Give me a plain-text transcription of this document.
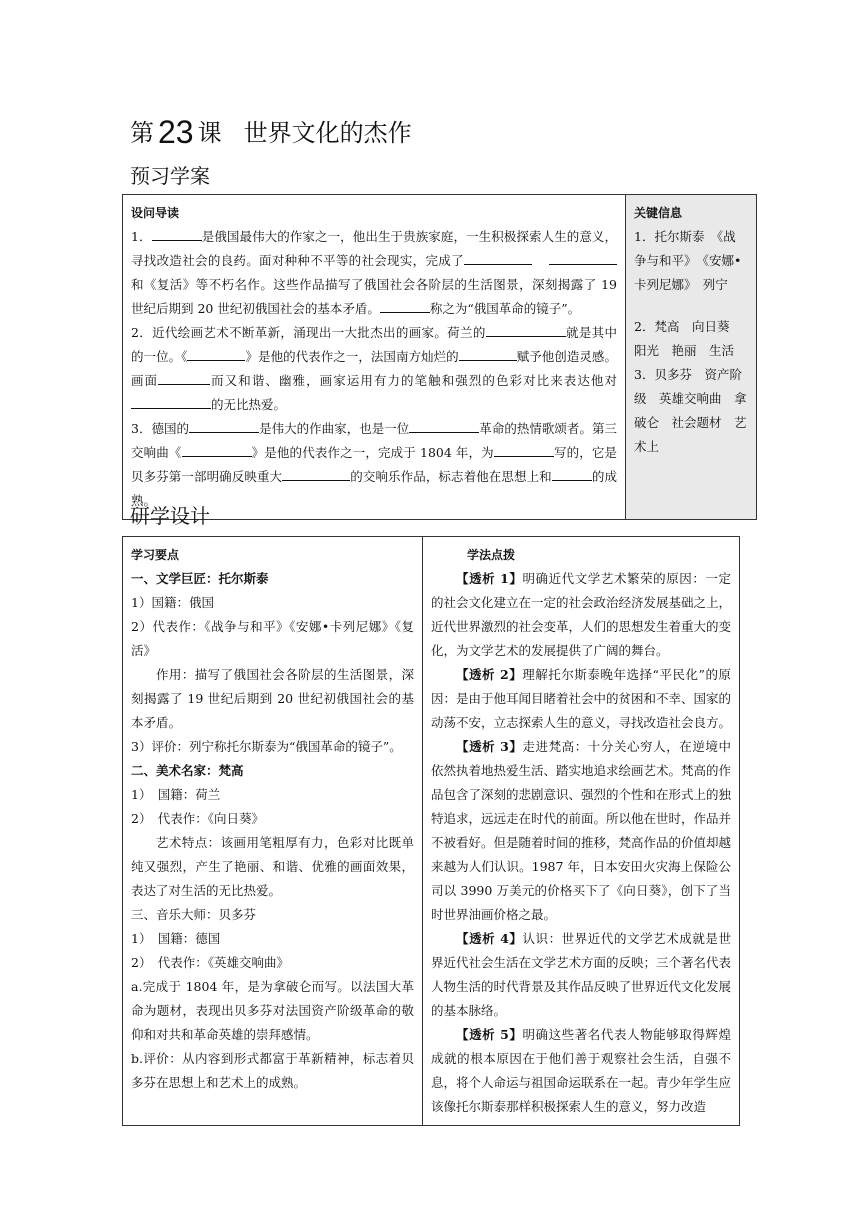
第 23 课 世界文化的杰作
预习学案
设问导读

1．	是俄国最伟大的作家之一，他出生于贵族家庭，一生积极探索人生的意义，寻找改造社会的良药。面对种种不平等的社会现实，完成了    和《复活》等不朽名作。这些作品描写了俄国社会各阶层的生活图景，深刻揭露了 19 世纪后期到 20 世纪初俄国社会的基本矛盾。	称之为“俄国革命的镜子”。

2．近代绘画艺术不断革新，涌现出一大批杰出的画家。荷兰的	就是其中的一位。《	》是他的代表作之一，法国南方灿烂的	赋予他创造灵感。画面	而又和谐、幽雅，画家运用有力的笔触和强烈的色彩对比来表达他对的无比热爱。

3．德国的	是伟大的作曲家，也是一位	革命的热情歌颂者。第三交响曲《	》是他的代表作之一，完成于 1804 年，为	写的，它是贝多芬第一部明确反映重大	的交响乐作品，标志着他在思想上和	的成熟。

关键信息

1．托尔斯泰　《战争与和平》　《安娜•卡列尼娜》　列宁

2．梵高　向日葵　阳光　艳丽　生活

3．贝多芬　资产阶级　英雄交响曲　拿破仑　社会题材　艺术上

研学设计
学习要点

一、文学巨匠：托尔斯泰

1）国籍：俄国

2）代表作：《战争与和平》《安娜•卡列尼娜》《复活》

作用：描写了俄国社会各阶层的生活图景，深刻揭露了 19 世纪后期到 20 世纪初俄国社会的基本矛盾。

3）评价：列宁称托尔斯泰为“俄国革命的镜子”。

二、美术名家：梵高

1）　国籍：荷兰

2）　代表作：《向日葵》

艺术特点：该画用笔粗厚有力，色彩对比既单纯又强烈，产生了艳丽、和谐、优雅的画面效果，表达了对生活的无比热爱。

三、音乐大师：贝多芬

1）　国籍：德国

2）　代表作：《英雄交响曲》

a.完成于 1804 年，是为拿破仑而写。以法国大革命为题材，表现出贝多芬对法国资产阶级革命的敬仰和对共和革命英雄的崇拜感情。

b.评价：从内容到形式都富于革新精神，标志着贝多芬在思想上和艺术上的成熟。

学法点拨

【透析 1】明确近代文学艺术繁荣的原因：一定的社会文化建立在一定的社会政治经济发展基础之上，近代世界激烈的社会变革，人们的思想发生着重大的变化，为文学艺术的发展提供了广阔的舞台。

【透析 2】理解托尔斯泰晚年选择“平民化”的原因：是由于他耳闻目睹着社会中的贫困和不幸、国家的动荡不安，立志探索人生的意义，寻找改造社会良方。

【透析 3】走进梵高：十分关心穷人，在逆境中依然执着地热爱生活、踏实地追求绘画艺术。梵高的作品包含了深刻的悲剧意识、强烈的个性和在形式上的独特追求，远远走在时代的前面。所以他在世时，作品并不被看好。但是随着时间的推移，梵高作品的价值却越来越为人们认识。1987 年，日本安田火灾海上保险公司以 3990 万美元的价格买下了《向日葵》，创下了当时世界油画价格之最。

【透析 4】认识：世界近代的文学艺术成就是世界近代社会生活在文学艺术方面的反映；三个著名代表人物生活的时代背景及其作品反映了世界近代文化发展的基本脉络。

【透析 5】明确这些著名代表人物能够取得辉煌成就的根本原因在于他们善于观察社会生活，自强不息，将个人命运与祖国命运联系在一起。青少年学生应该像托尔斯泰那样积极探索人生的意义，努力改造
